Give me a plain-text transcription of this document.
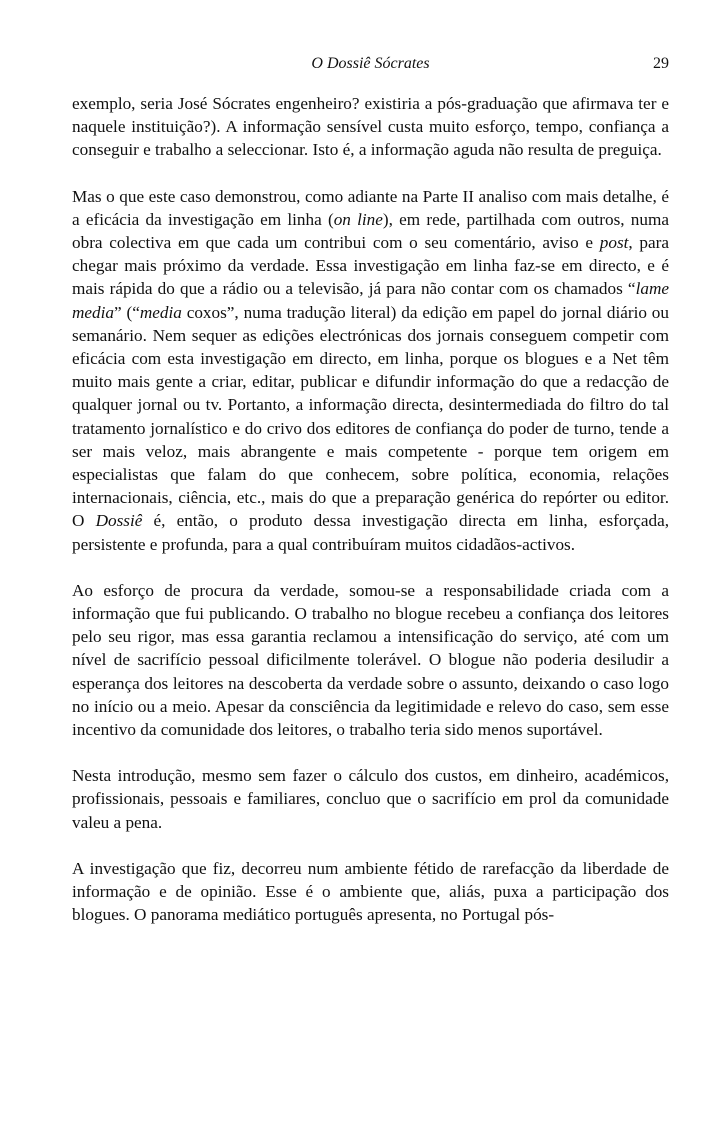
O Dossiê Sócrates	29

exemplo, seria José Sócrates engenheiro? existiria a pós-graduação que afirmava ter e naquele instituição?). A informação sensível custa muito esforço, tempo, confiança a conseguir e trabalho a seleccionar. Isto é, a informação aguda não resulta de preguiça.

Mas o que este caso demonstrou, como adiante na Parte II analiso com mais detalhe, é a eficácia da investigação em linha (on line), em rede, partilhada com outros, numa obra colectiva em que cada um contribui com o seu comentário, aviso e post, para chegar mais próximo da verdade. Essa investigação em linha faz-se em directo, e é mais rápida do que a rádio ou a televisão, já para não contar com os chamados “lame media” (“media coxos”, numa tradução literal) da edição em papel do jornal diário ou semanário. Nem sequer as edições electrónicas dos jornais conseguem competir com eficácia com esta investigação em directo, em linha, porque os blogues e a Net têm muito mais gente a criar, editar, publicar e difundir informação do que a redacção de qualquer jornal ou tv. Portanto, a informação directa, desintermediada do filtro do tal tratamento jornalístico e do crivo dos editores de confiança do poder de turno, tende a ser mais veloz, mais abrangente e mais competente - porque tem origem em especialistas que falam do que conhecem, sobre política, economia, relações internacionais, ciência, etc., mais do que a preparação genérica do repórter ou editor. O Dossiê é, então, o produto dessa investigação directa em linha, esforçada, persistente e profunda, para a qual contribuíram muitos cidadãos-activos.

Ao esforço de procura da verdade, somou-se a responsabilidade criada com a informação que fui publicando. O trabalho no blogue recebeu a confiança dos leitores pelo seu rigor, mas essa garantia reclamou a intensificação do serviço, até com um nível de sacrifício pessoal dificilmente tolerável. O blogue não poderia desiludir a esperança dos leitores na descoberta da verdade sobre o assunto, deixando o caso logo no início ou a meio. Apesar da consciência da legitimidade e relevo do caso, sem esse incentivo da comunidade dos leitores, o trabalho teria sido menos suportável.

Nesta introdução, mesmo sem fazer o cálculo dos custos, em dinheiro, académicos, profissionais, pessoais e familiares, concluo que o sacrifício em prol da comunidade valeu a pena.

A investigação que fiz, decorreu num ambiente fétido de rarefacção da liberdade de informação e de opinião. Esse é o ambiente que, aliás, puxa a participação dos blogues. O panorama mediático português apresenta, no Portugal pós-
